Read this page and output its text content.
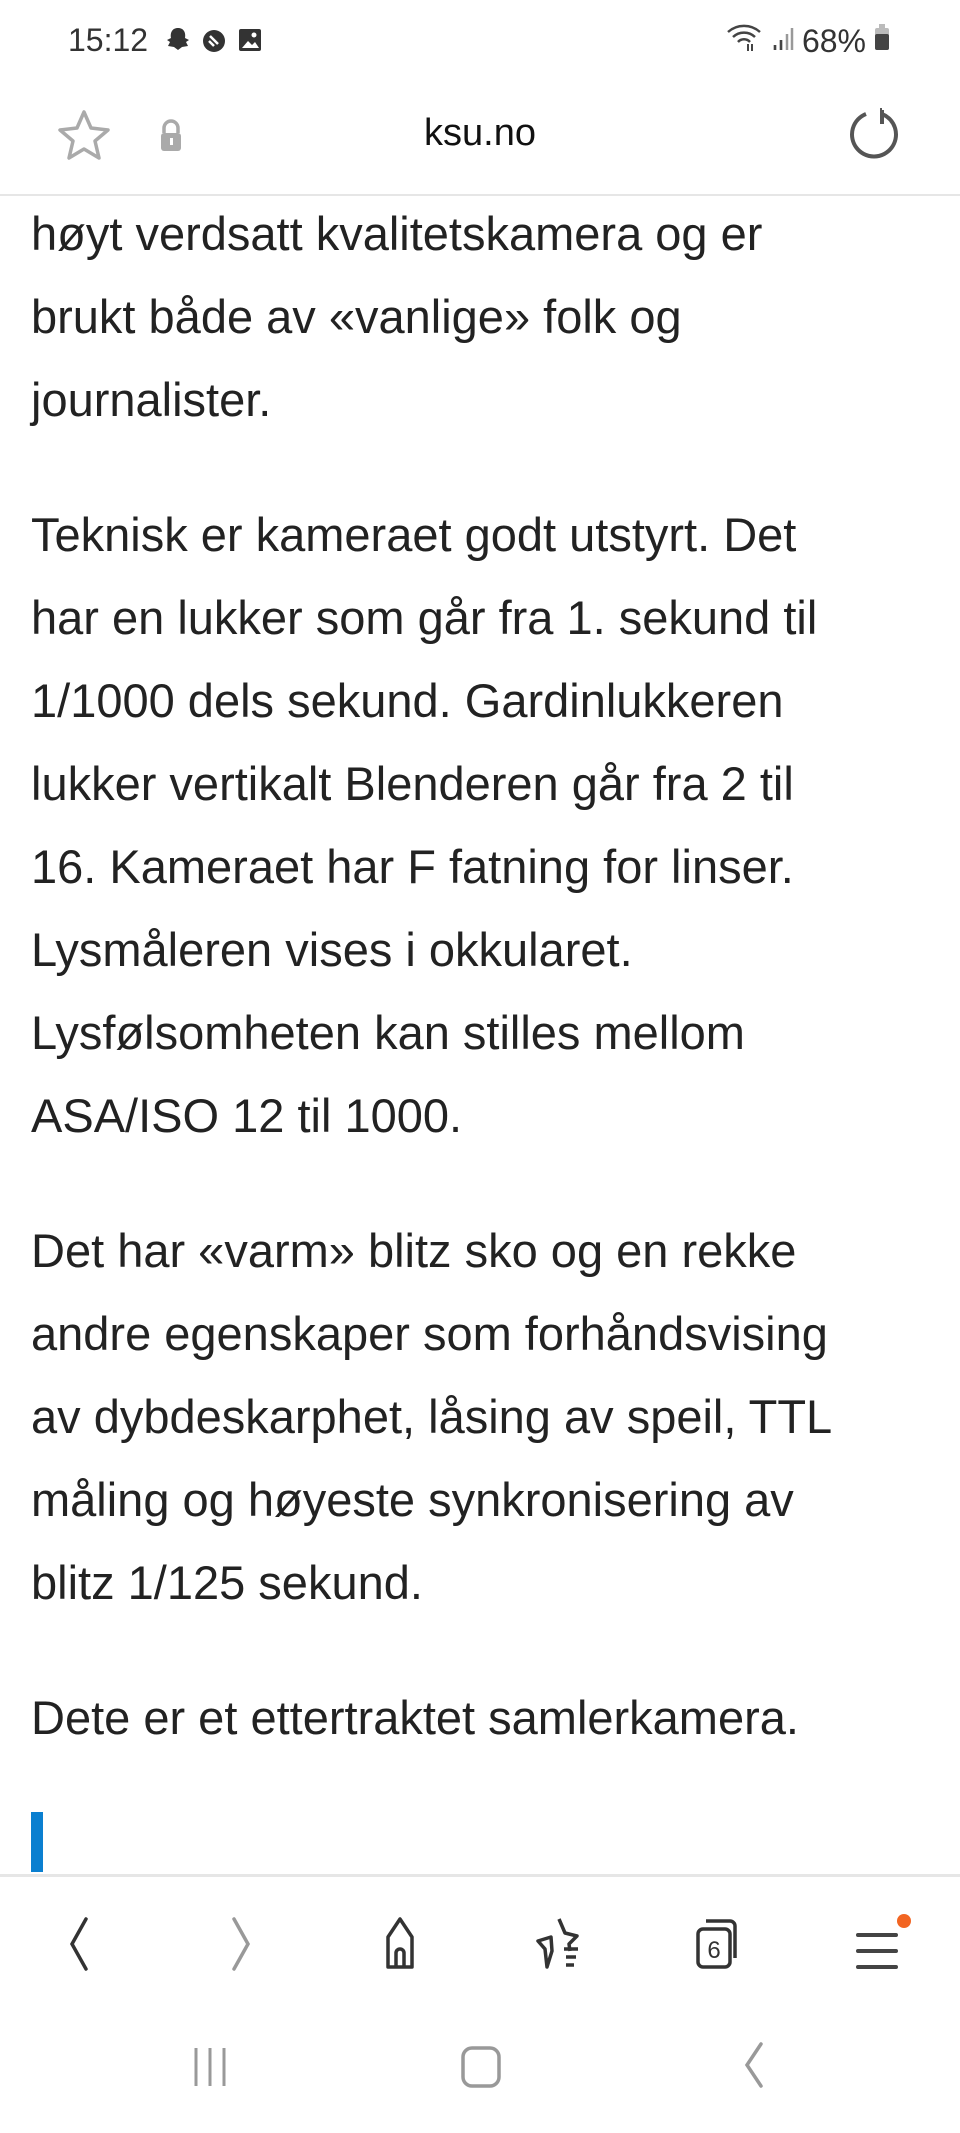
15:12	68%
ksu.no

høyt verdsatt kvalitetskamera og er
brukt både av «vanlige» folk og
journalister.

Teknisk er kameraet godt utstyrt. Det
har en lukker som går fra 1. sekund til
1/1000 dels sekund. Gardinlukkeren
lukker vertikalt Blenderen går fra 2 til
16. Kameraet har F fatning for linser.
Lysmåleren vises i okkularet.
Lysfølsomheten kan stilles mellom
ASA/ISO 12 til 1000.

Det har «varm» blitz sko og en rekke
andre egenskaper som forhåndsvising
av dybdeskarphet, låsing av speil, TTL
måling og høyeste synkronisering av
blitz 1/125 sekund.

Dete er et ettertraktet samlerkamera.

6
